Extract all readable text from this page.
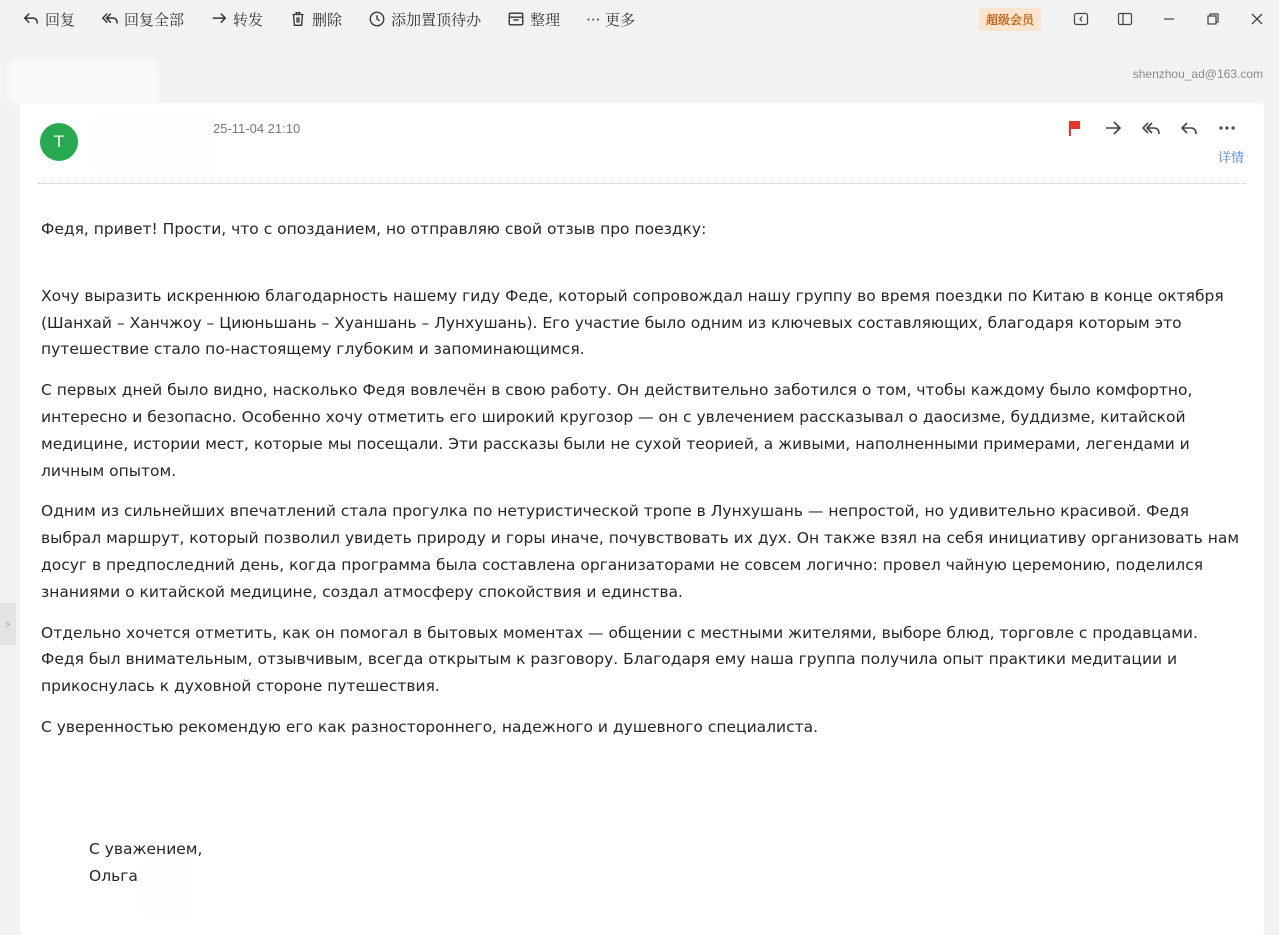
回复	回复全部	转发	删除	添加置顶待办	整理 ··· 更多	超级会员
shenzhou_ad@163.com
›
T
25-11-04 21:10
详情

Федя, привет! Прости, что с опозданием, но отправляю свой отзыв про поездку:

Хочу выразить искреннюю благодарность нашему гиду Феде, который сопровождал нашу группу во время поездки по Китаю в конце октября (Шанхай – Ханчжоу – Циюньшань – Хуаншань – Лунхушань). Его участие было одним из ключевых составляющих, благодаря которым это путешествие стало по-настоящему глубоким и запоминающимся.

С первых дней было видно, насколько Федя вовлечён в свою работу. Он действительно заботился о том, чтобы каждому было комфортно, интересно и безопасно. Особенно хочу отметить его широкий кругозор — он с увлечением рассказывал о даосизме, буддизме, китайской медицине, истории мест, которые мы посещали. Эти рассказы были не сухой теорией, а живыми, наполненными примерами, легендами и личным опытом.

Одним из сильнейших впечатлений стала прогулка по нетуристической тропе в Лунхушань — непростой, но удивительно красивой. Федя выбрал маршрут, который позволил увидеть природу и горы иначе, почувствовать их дух. Он также взял на себя инициативу организовать нам досуг в предпоследний день, когда программа была составлена организаторами не совсем логично: провел чайную церемонию, поделился знаниями о китайской медицине, создал атмосферу спокойствия и единства.

Отдельно хочется отметить, как он помогал в бытовых моментах — общении с местными жителями, выборе блюд, торговле с продавцами. Федя был внимательным, отзывчивым, всегда открытым к разговору. Благодаря ему наша группа получила опыт практики медитации и прикоснулась к духовной стороне путешествия.

С уверенностью рекомендую его как разностороннего, надежного и душевного специалиста.

С уважением,
Ольга
